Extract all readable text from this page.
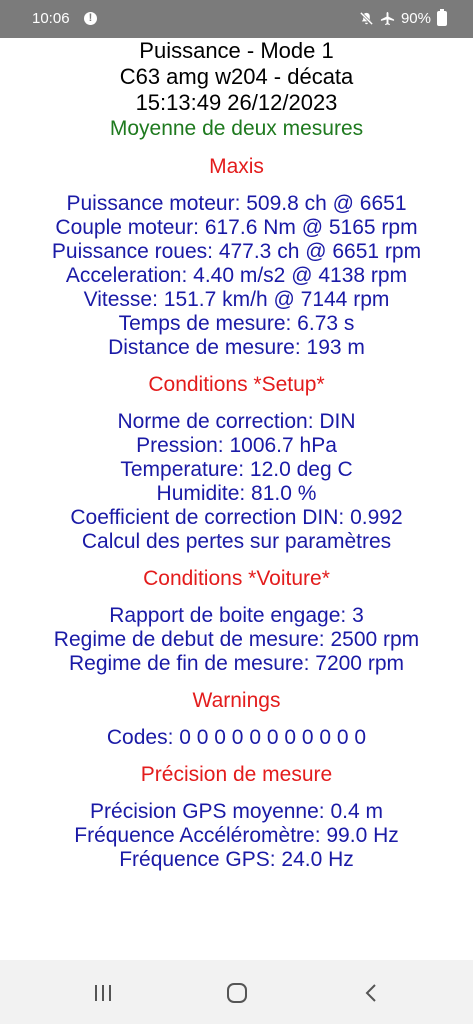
10:06	!	90%
Puissance - Mode 1
C63 amg w204 - décata
15:13:49 26/12/2023
Moyenne de deux mesures
Maxis
Puissance moteur: 509.8 ch @ 6651
Couple moteur: 617.6 Nm @ 5165 rpm
Puissance roues: 477.3 ch @ 6651 rpm
Acceleration: 4.40 m/s2 @ 4138 rpm
Vitesse: 151.7 km/h @ 7144 rpm
Temps de mesure: 6.73 s
Distance de mesure: 193 m
Conditions *Setup*
Norme de correction: DIN
Pression: 1006.7 hPa
Temperature: 12.0 deg C
Humidite: 81.0 %
Coefficient de correction DIN: 0.992
Calcul des pertes sur paramètres
Conditions *Voiture*
Rapport de boite engage: 3
Regime de debut de mesure: 2500 rpm
Regime de fin de mesure: 7200 rpm
Warnings
Codes: 0 0 0 0 0 0 0 0 0 0 0
Précision de mesure
Précision GPS moyenne: 0.4 m
Fréquence Accéléromètre: 99.0 Hz
Fréquence GPS: 24.0 Hz
